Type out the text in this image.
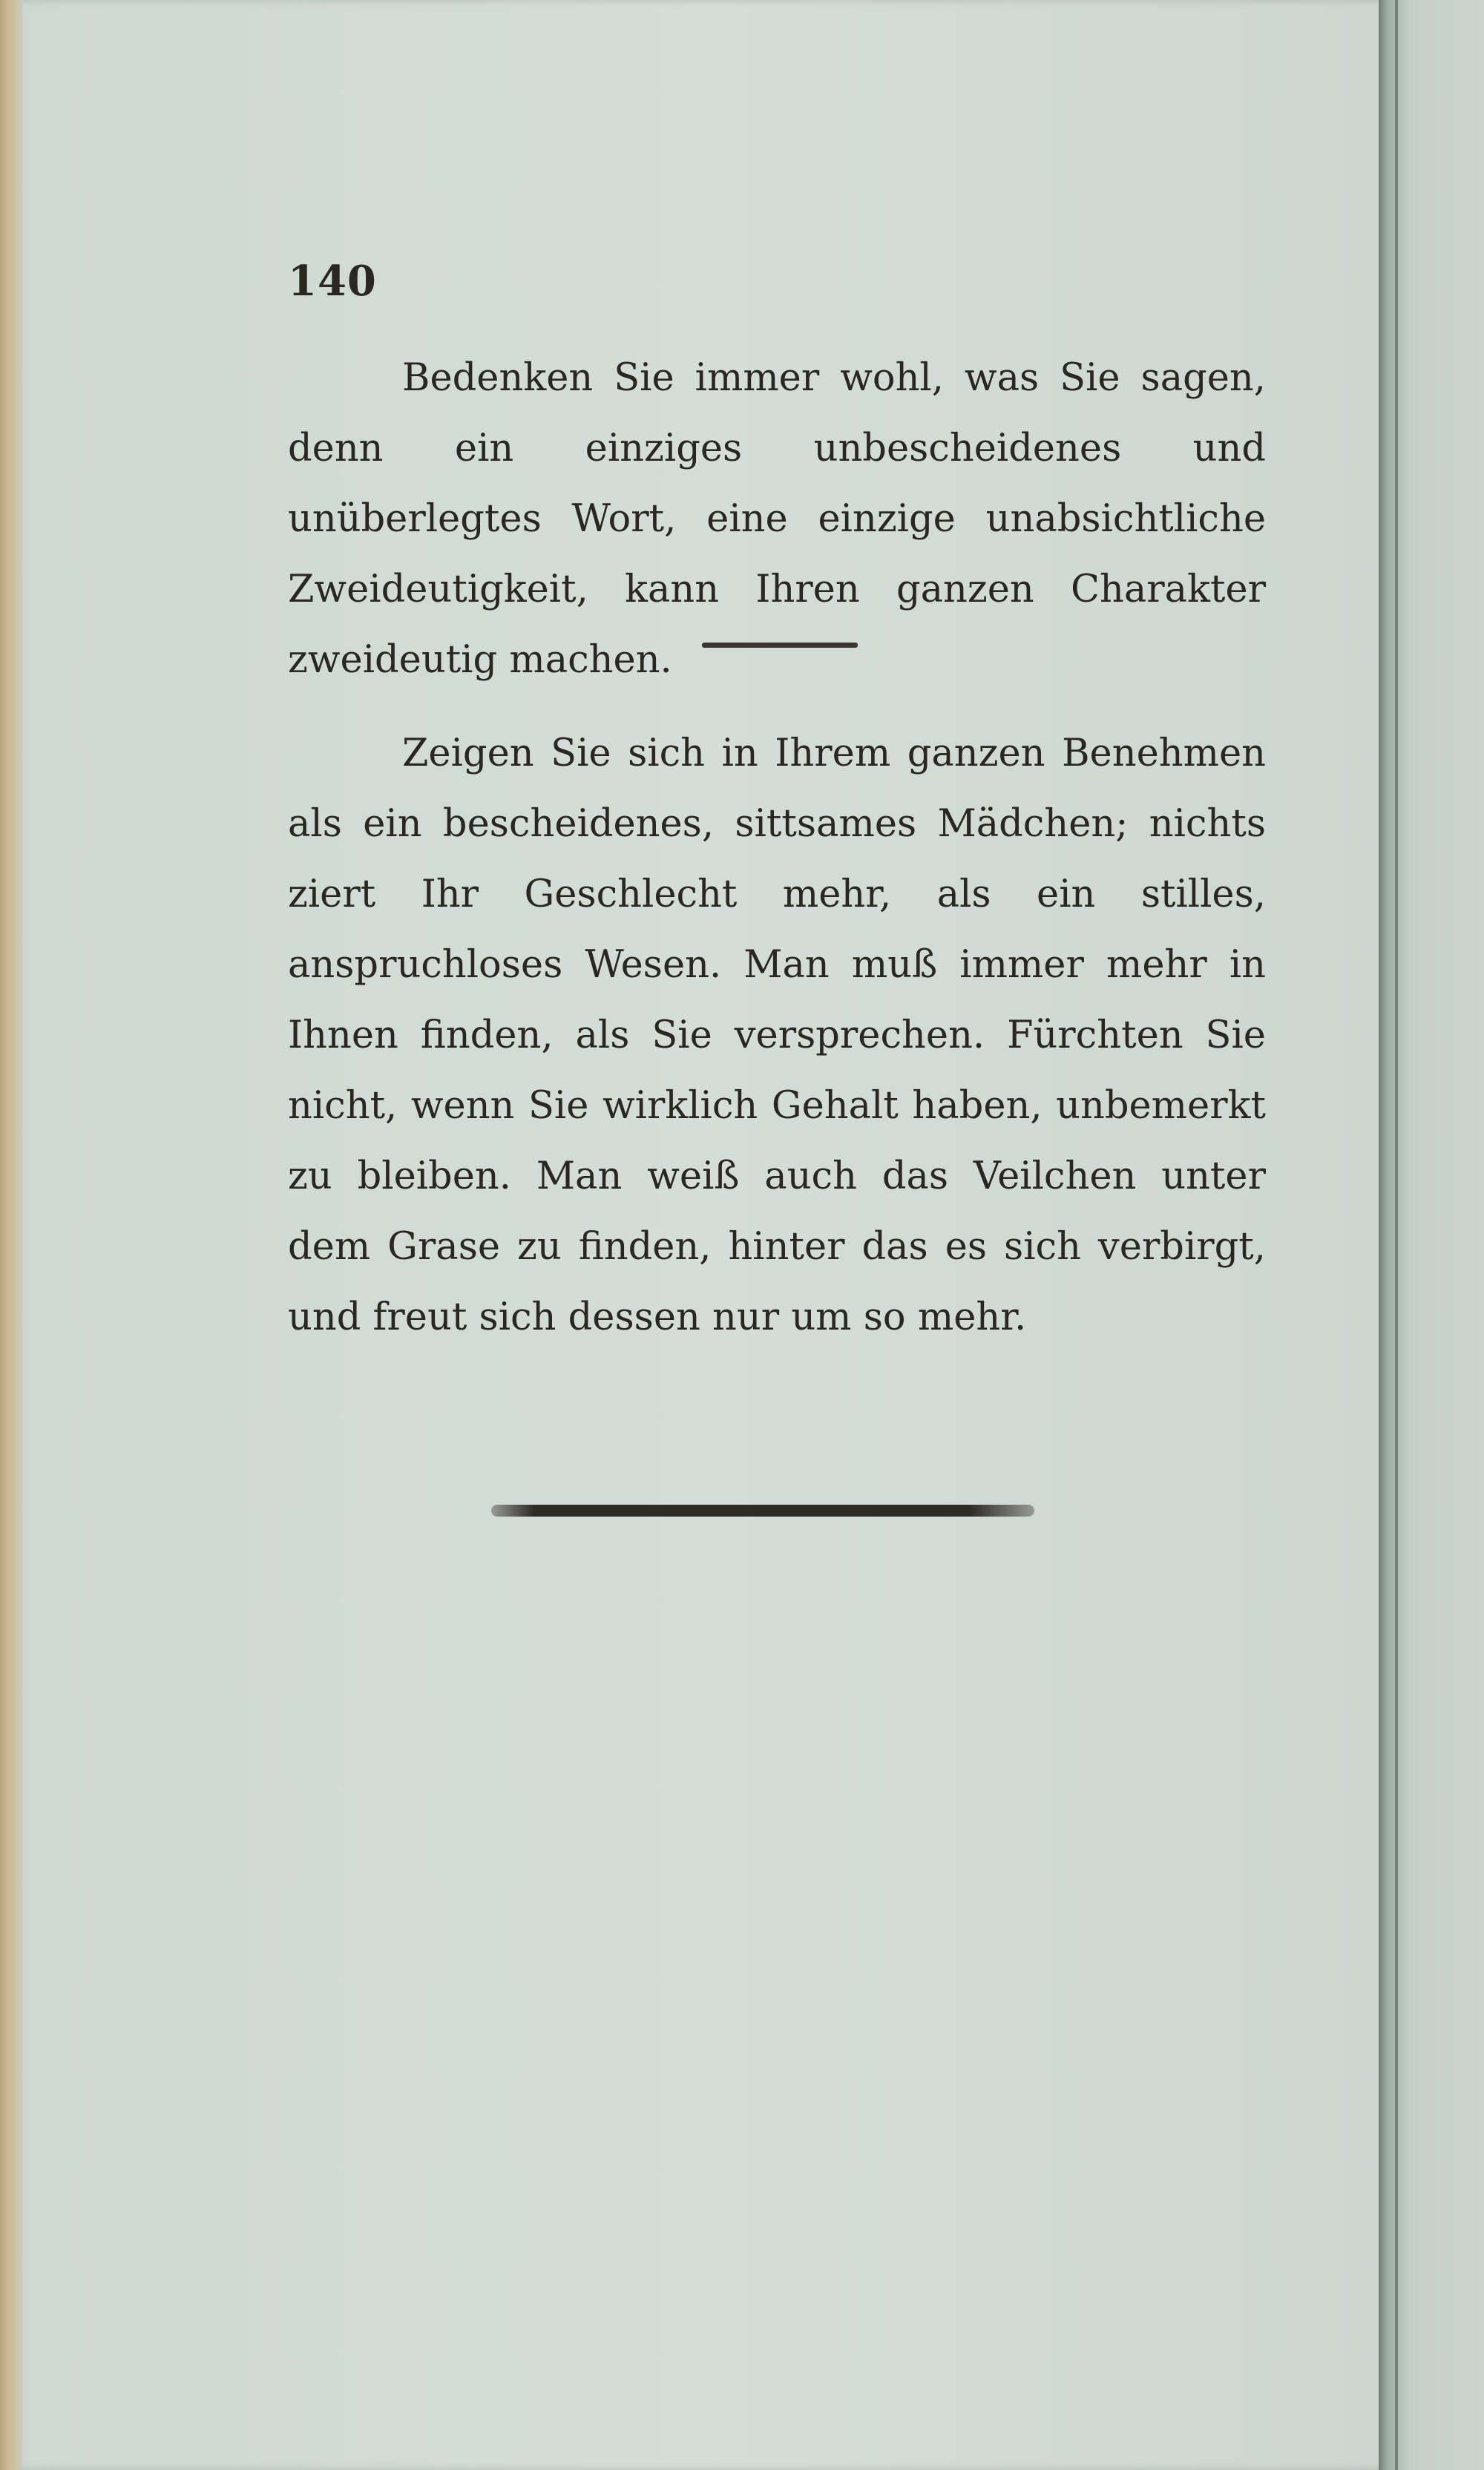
140

Bedenken Sie immer wohl, was Sie sagen, denn ein einziges unbescheidenes und unüberlegtes Wort, eine einzige unabsichtliche Zweideutigkeit, kann Ihren ganzen Charakter zweideutig machen.

Zeigen Sie sich in Ihrem ganzen Benehmen als ein bescheidenes, sittsames Mädchen; nichts ziert Ihr Geschlecht mehr, als ein stilles, anspruchloses Wesen. Man muß immer mehr in Ihnen finden, als Sie versprechen. Fürchten Sie nicht, wenn Sie wirklich Gehalt haben, unbemerkt zu bleiben. Man weiß auch das Veilchen unter dem Grase zu finden, hinter das es sich verbirgt, und freut sich dessen nur um so mehr.
